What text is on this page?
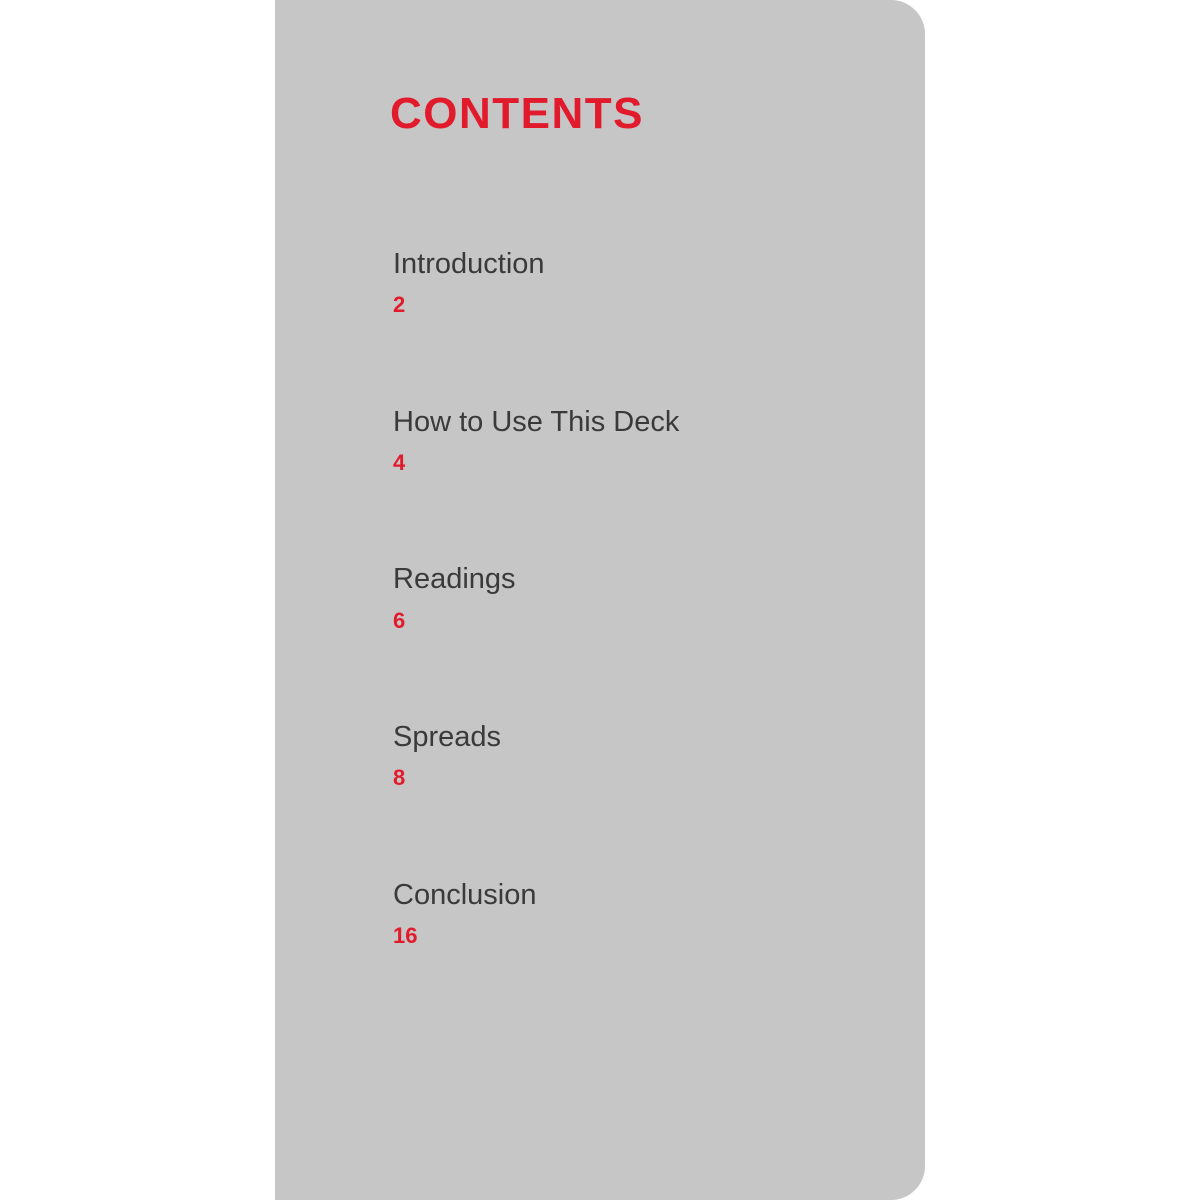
CONTENTS
Introduction
2
How to Use This Deck
4
Readings
6
Spreads
8
Conclusion
16
